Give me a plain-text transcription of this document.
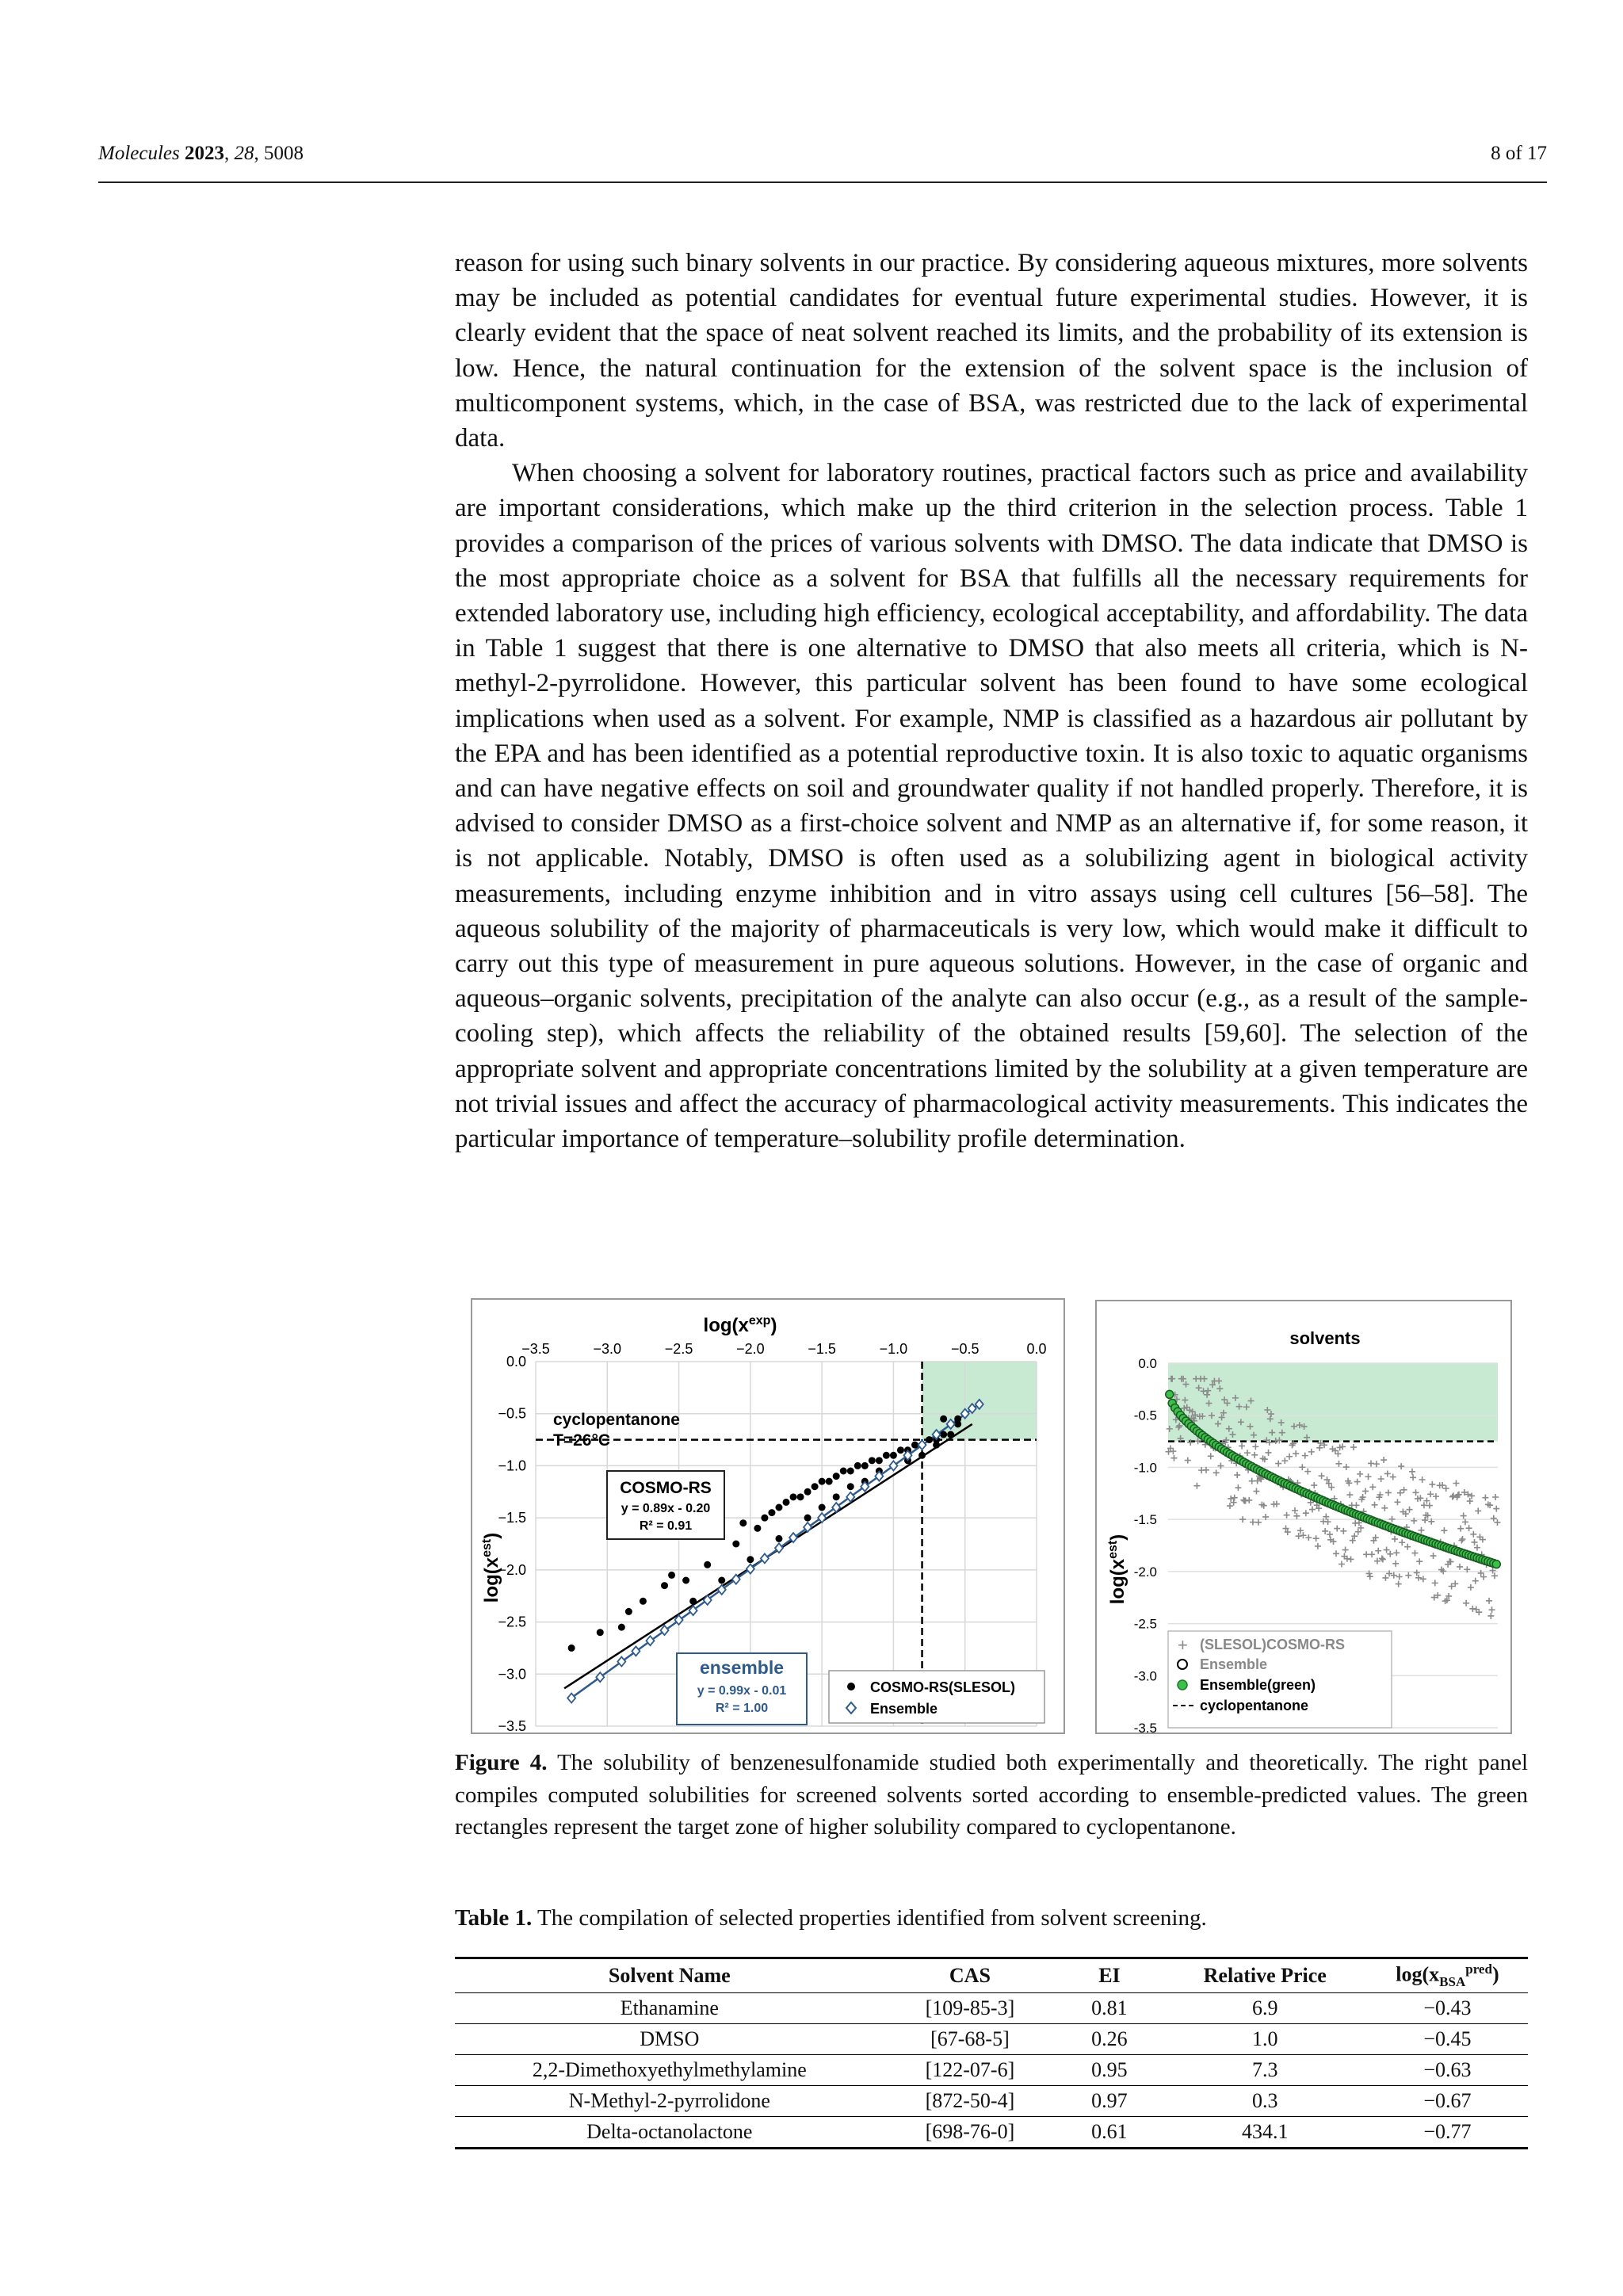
Molecules 2023, 28, 5008	8 of 17

reason for using such binary solvents in our practice. By considering aqueous mixtures, more solvents may be included as potential candidates for eventual future experimental studies. However, it is clearly evident that the space of neat solvent reached its limits, and the probability of its extension is low. Hence, the natural continuation for the extension of the solvent space is the inclusion of multicomponent systems, which, in the case of BSA, was restricted due to the lack of experimental data.

When choosing a solvent for laboratory routines, practical factors such as price and availability are important considerations, which make up the third criterion in the selection process. Table 1 provides a comparison of the prices of various solvents with DMSO. The data indicate that DMSO is the most appropriate choice as a solvent for BSA that fulfills all the necessary requirements for extended laboratory use, including high efficiency, ecological acceptability, and affordability. The data in Table 1 suggest that there is one alternative to DMSO that also meets all criteria, which is N-methyl-2-pyrrolidone. However, this particular solvent has been found to have some ecological implications when used as a solvent. For example, NMP is classified as a hazardous air pollutant by the EPA and has been identified as a potential reproductive toxin. It is also toxic to aquatic organisms and can have negative effects on soil and groundwater quality if not handled properly. Therefore, it is advised to consider DMSO as a first-choice solvent and NMP as an alternative if, for some reason, it is not applicable. Notably, DMSO is often used as a solubilizing agent in biological activity measurements, including enzyme inhibition and in vitro assays using cell cultures [56–58]. The aqueous solubility of the majority of pharmaceuticals is very low, which would make it difficult to carry out this type of measurement in pure aqueous solutions. However, in the case of organic and aqueous–organic solvents, precipitation of the analyte can also occur (e.g., as a result of the sample-cooling step), which affects the reliability of the obtained results [59,60]. The selection of the appropriate solvent and appropriate concentrations limited by the solubility at a given temperature are not trivial issues and affect the accuracy of pharmacological activity measurements. This indicates the particular importance of temperature–solubility profile determination.

−3.5
0.0
−3.0
−0.5
−2.5
−1.0
−2.0
−1.5
−1.5
−2.0
−1.0
−2.5
−0.5
−3.0
0.0
−3.5
$\log(x^{exp})$
$\log(x^{est})$
cyclopentanone
T=26°C
COSMO-RS
y = 0.89x - 0.20
R² = 0.91
ensemble
y = 0.99x - 0.01
R² = 1.00
COSMO-RS(SLESOL)
Ensemble
0.0
-0.5
-1.0
-1.5
-2.0
-2.5
-3.0
-3.5
solvents
$\log(x^{est})$
+ (SLESOL)COSMO-RS
Ensemble
Ensemble(green)
cyclopentanone
Figure 4. The solubility of benzenesulfonamide studied both experimentally and theoretically. The right panel compiles computed solubilities for screened solvents sorted according to ensemble-predicted values. The green rectangles represent the target zone of higher solubility compared to cyclopentanone.
Table 1. The compilation of selected properties identified from solvent screening.
Solvent Name	CAS	EI	Relative Price	$\log(x_{BSA}^{pred})$
Ethanamine	[109-85-3]	0.81	6.9	−0.43
DMSO	[67-68-5]	0.26	1.0	−0.45
2,2-Dimethoxyethylmethylamine	[122-07-6]	0.95	7.3	−0.63
N-Methyl-2-pyrrolidone	[872-50-4]	0.97	0.3	−0.67
Delta-octanolactone	[698-76-0]	0.61	434.1	−0.77
